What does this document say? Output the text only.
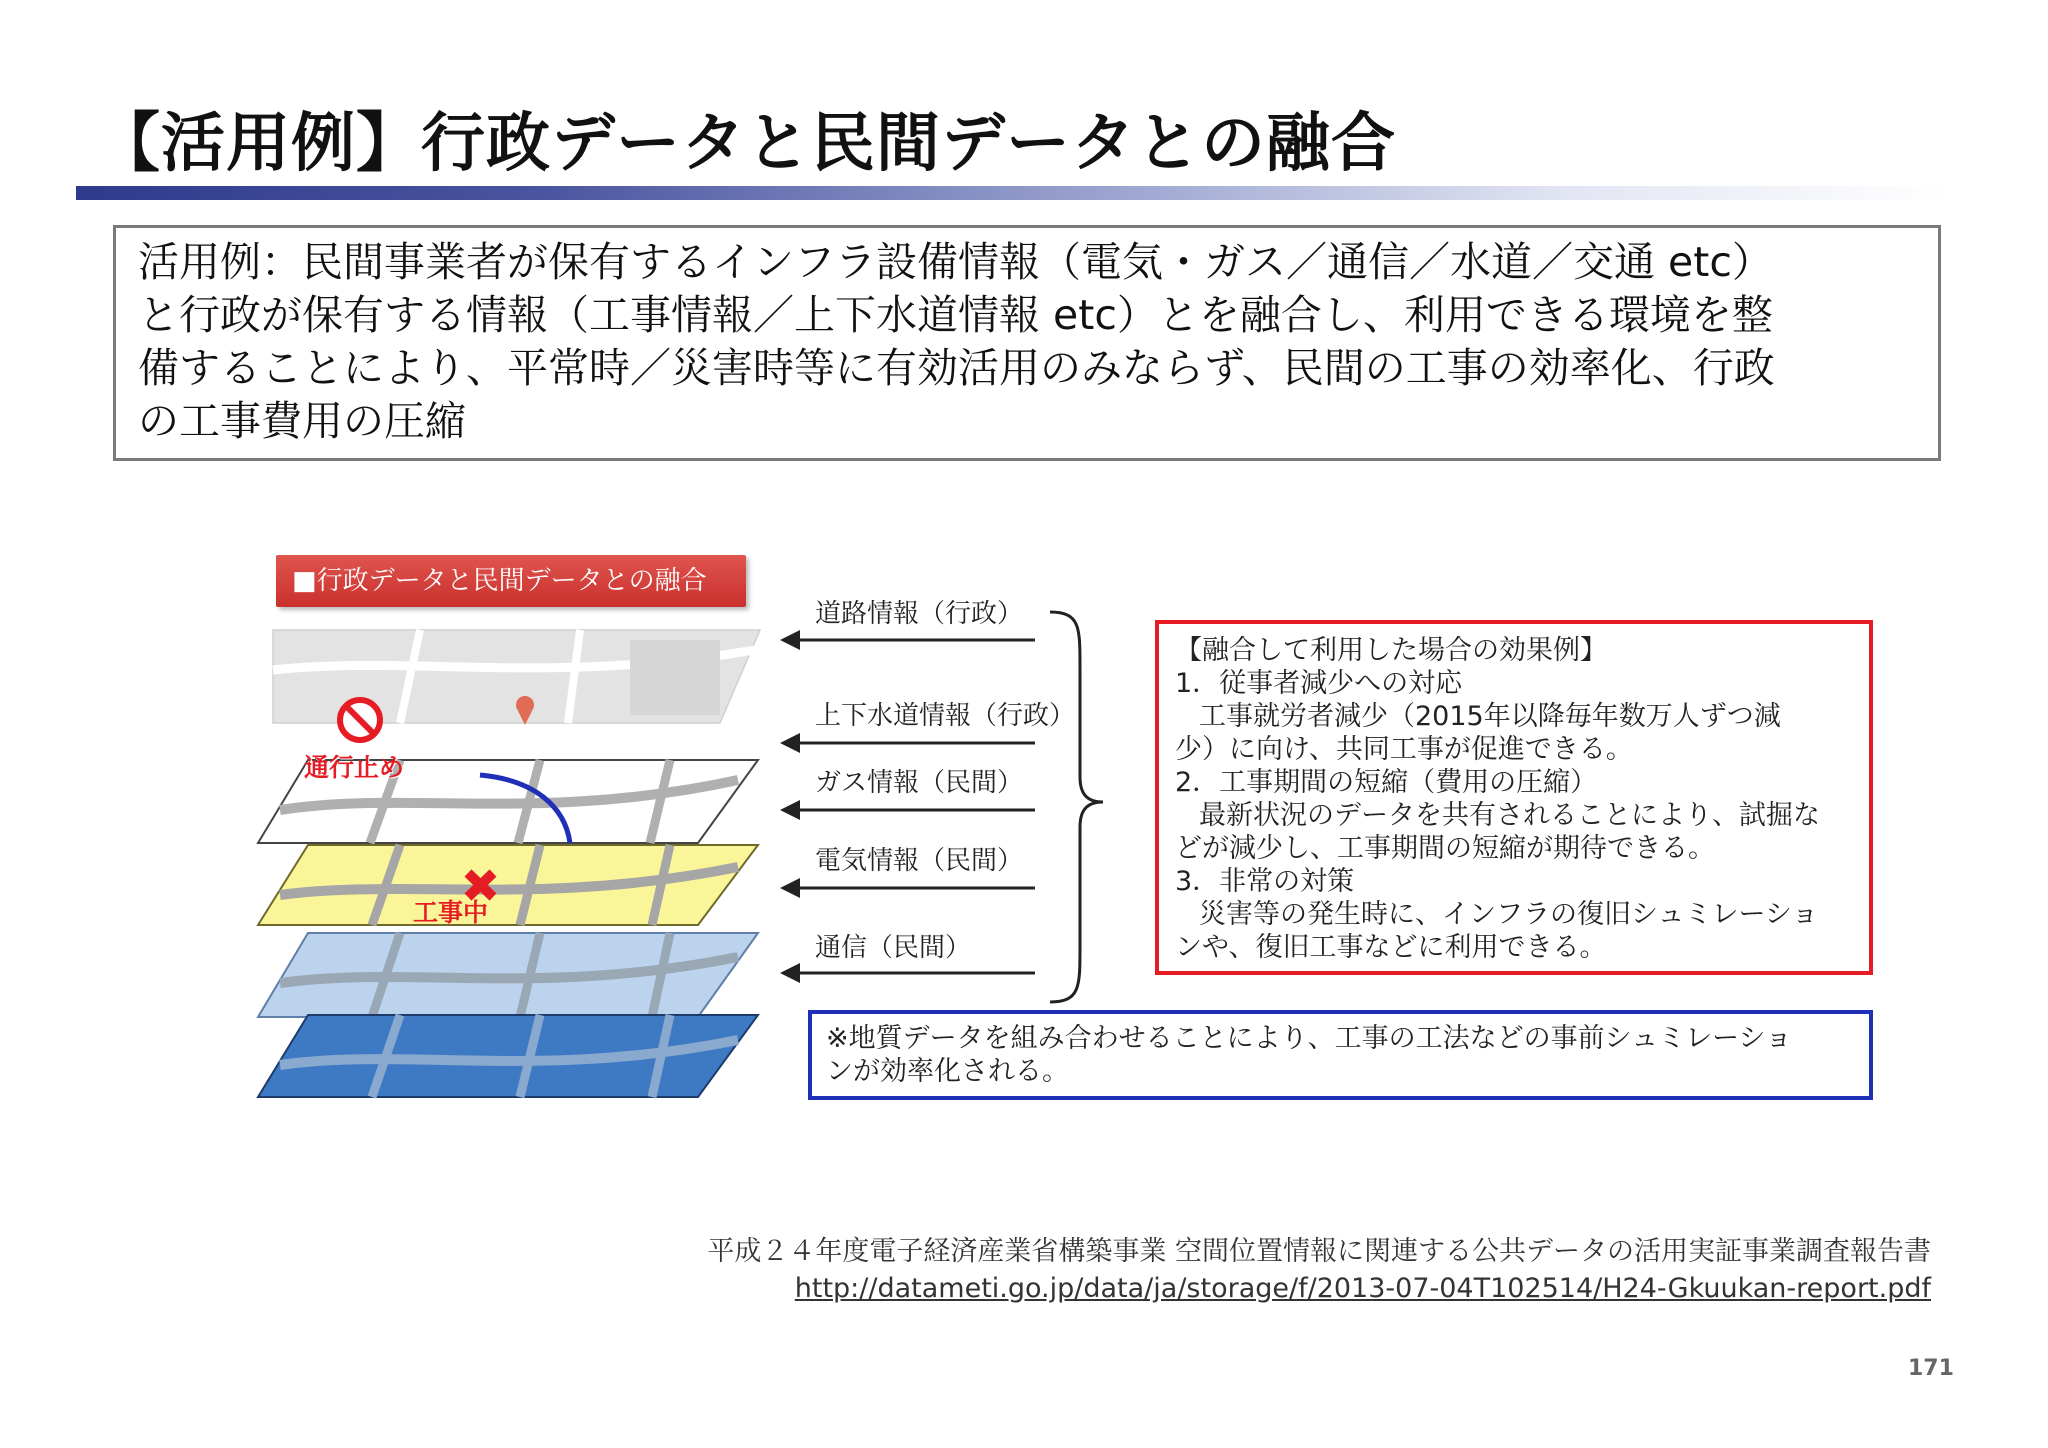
【活用例】行政データと民間データとの融合

活用例：民間事業者が保有するインフラ設備情報（電気・ガス／通信／水道／交通 etc）

と行政が保有する情報（工事情報／上下水道情報 etc）とを融合し、利用できる環境を整

備することにより、平常時／災害時等に有効活用のみならず、民間の工事の効率化、行政

の工事費用の圧縮

■行政データと民間データとの融合
通行止め
工事中
道路情報（行政）
上下水道情報（行政）
ガス情報（民間）
電気情報（民間）
通信（民間）
【融合して利用した場合の効果例】
1．従事者減少への対応
工事就労者減少（2015年以降毎年数万人ずつ減
少）に向け、共同工事が促進できる。
2．工事期間の短縮（費用の圧縮）
最新状況のデータを共有されることにより、試掘な
どが減少し、工事期間の短縮が期待できる。
3．非常の対策
災害等の発生時に、インフラの復旧シュミレーショ
ンや、復旧工事などに利用できる。
※地質データを組み合わせることにより、工事の工法などの事前シュミレーショ
ンが効率化される。
平成２４年度電子経済産業省構築事業 空間位置情報に関連する公共データの活用実証事業調査報告書
http://datameti.go.jp/data/ja/storage/f/2013-07-04T102514/H24-Gkuukan-report.pdf
171
